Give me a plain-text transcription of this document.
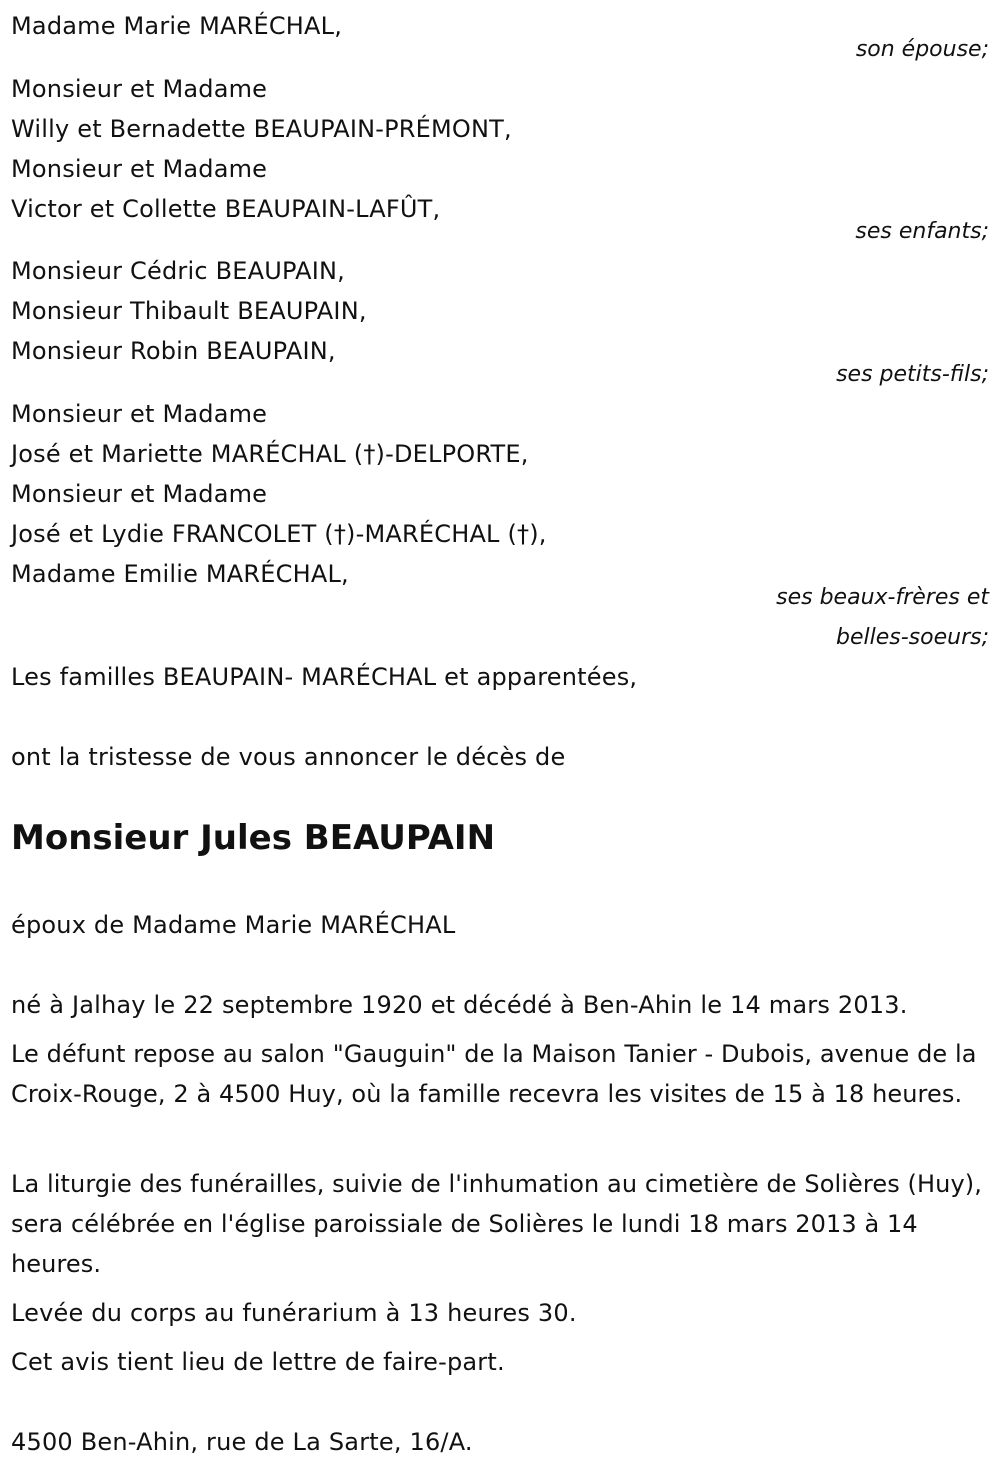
Madame Marie MARÉCHAL,
son épouse;
Monsieur et Madame
Willy et Bernadette BEAUPAIN-PRÉMONT,
Monsieur et Madame
Victor et Collette BEAUPAIN-LAFÛT,
ses enfants;
Monsieur Cédric BEAUPAIN,
Monsieur Thibault BEAUPAIN,
Monsieur Robin BEAUPAIN,
ses petits-fils;
Monsieur et Madame
José et Mariette MARÉCHAL (†)-DELPORTE,
Monsieur et Madame
José et Lydie FRANCOLET (†)-MARÉCHAL (†),
Madame Emilie MARÉCHAL,
ses beaux-frères et
belles-soeurs;
Les familles BEAUPAIN- MARÉCHAL et apparentées,
ont la tristesse de vous annoncer le décès de
Monsieur Jules BEAUPAIN
époux de Madame Marie MARÉCHAL
né à Jalhay le 22 septembre 1920 et décédé à Ben-Ahin le 14 mars 2013.
Le défunt repose au salon "Gauguin" de la Maison Tanier - Dubois, avenue de la Croix-Rouge, 2 à 4500 Huy, où la famille recevra les visites de 15 à 18 heures.
La liturgie des funérailles, suivie de l'inhumation au cimetière de Solières (Huy), sera célébrée en l'église paroissiale de Solières le lundi 18 mars 2013 à 14 heures.
Levée du corps au funérarium à 13 heures 30.
Cet avis tient lieu de lettre de faire-part.
4500 Ben-Ahin, rue de La Sarte, 16/A.
